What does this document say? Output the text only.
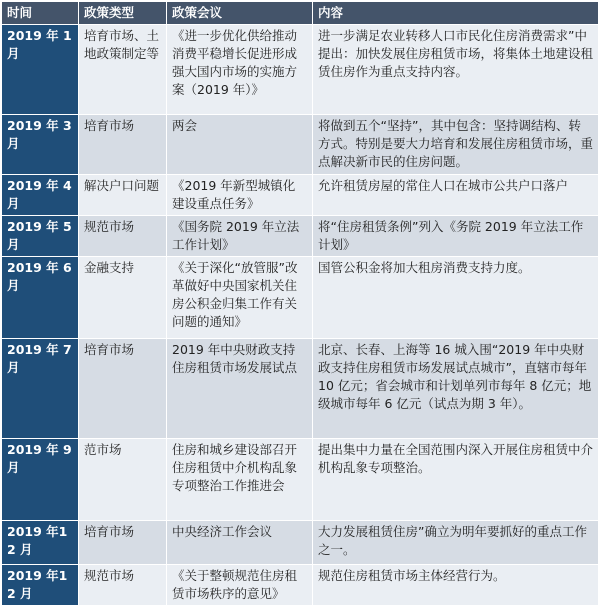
时间	政策类型	政策会议	内容
2019 年 1 月	培育市场、土地政策制定等	《进一步优化供给推动消费平稳增长促进形成强大国内市场的实施方案（2019 年）》	进一步满足农业转移人口市民化住房消费需求”中提出：加快发展住房租赁市场，将集体土地建设租赁住房作为重点支持内容。
2019 年 3 月	培育市场	两会	将做到五个“坚持”，其中包含：坚持调结构、转方式。特别是要大力培育和发展住房租赁市场，重点解决新市民的住房问题。
2019 年 4 月	解决户口问题	《2019 年新型城镇化建设重点任务》	允许租赁房屋的常住人口在城市公共户口落户
2019 年 5 月	规范市场	《国务院 2019 年立法工作计划》	将“住房租赁条例”列入《务院 2019 年立法工作计划》
2019 年 6 月	金融支持	《关于深化“放管服”改革做好中央国家机关住房公积金归集工作有关问题的通知》	国管公积金将加大租房消费支持力度。
2019 年 7 月	培育市场	2019 年中央财政支持住房租赁市场发展试点	北京、长春、上海等 16 城入围“2019 年中央财政支持住房租赁市场发展试点城市”，直辖市每年 10 亿元；省会城市和计划单列市每年 8 亿元；地级城市每年 6 亿元（试点为期 3 年）。
2019 年 9 月	范市场	住房和城乡建设部召开住房租赁中介机构乱象专项整治工作推进会	提出集中力量在全国范围内深入开展住房租赁中介机构乱象专项整治。
2019 年12 月	培育市场	中央经济工作会议	大力发展租赁住房”确立为明年要抓好的重点工作之一。
2019 年12 月	规范市场	《关于整顿规范住房租赁市场秩序的意见》	规范住房租赁市场主体经营行为。
